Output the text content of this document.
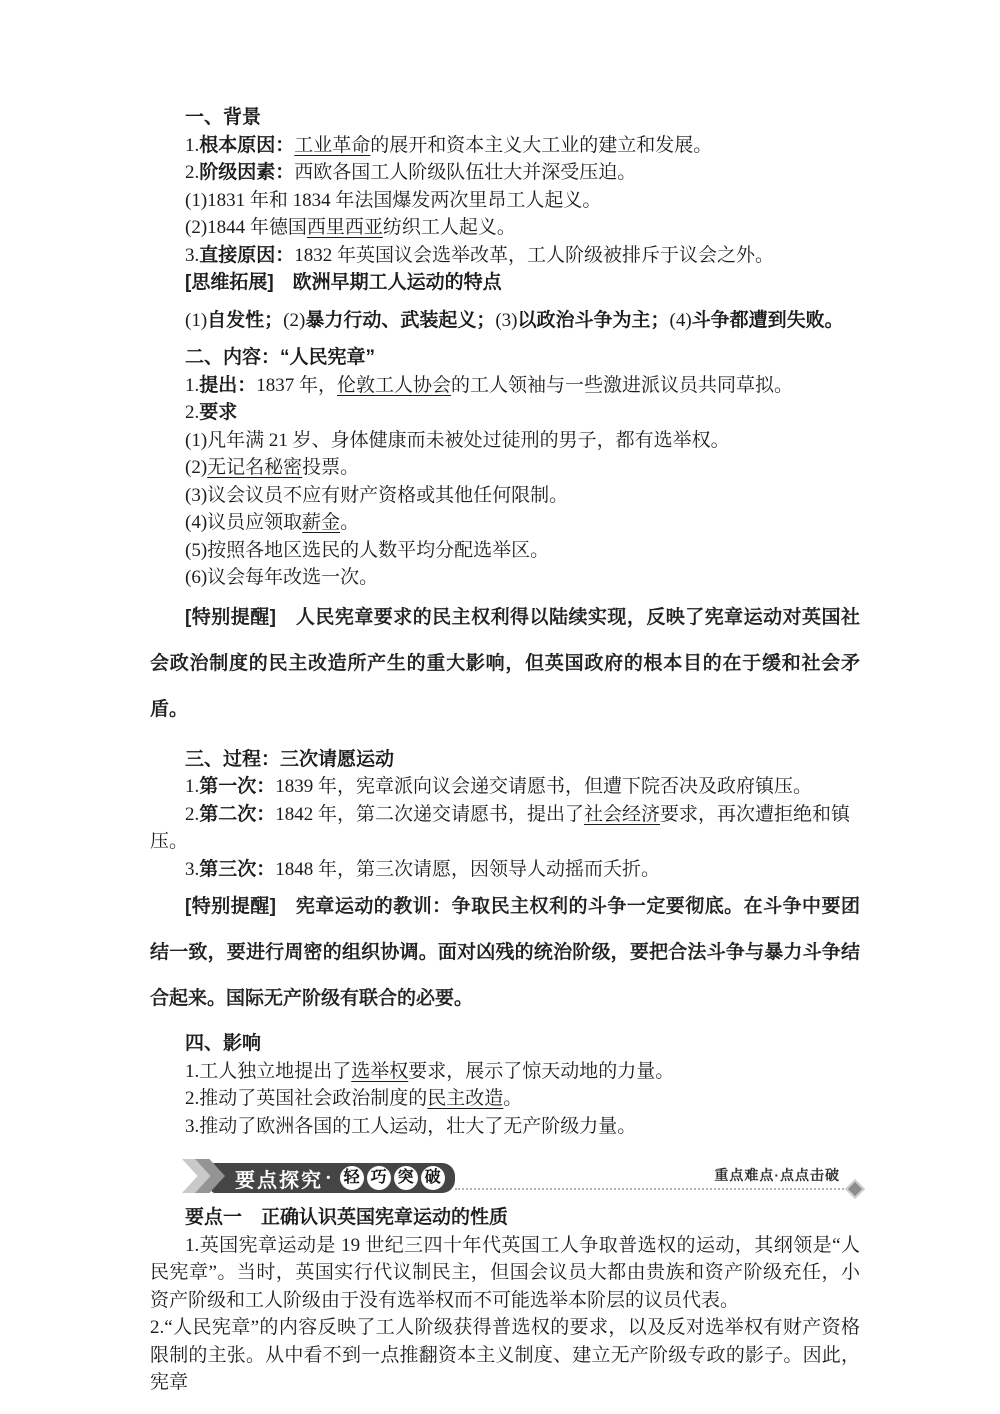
一、背景
1.根本原因：工业革命的展开和资本主义大工业的建立和发展。
2.阶级因素：西欧各国工人阶级队伍壮大并深受压迫。
(1)1831 年和 1834 年法国爆发两次里昂工人起义。
(2)1844 年德国西里西亚纺织工人起义。
3.直接原因：1832 年英国议会选举改革，工人阶级被排斥于议会之外。
[思维拓展]　欧洲早期工人运动的特点
(1)自发性；(2)暴力行动、武装起义；(3)以政治斗争为主；(4)斗争都遭到失败。
二、内容：“人民宪章”
1.提出：1837 年，伦敦工人协会的工人领袖与一些激进派议员共同草拟。
2.要求
(1)凡年满 21 岁、身体健康而未被处过徒刑的男子，都有选举权。
(2)无记名秘密投票。
(3)议会议员不应有财产资格或其他任何限制。
(4)议员应领取薪金。
(5)按照各地区选民的人数平均分配选举区。
(6)议会每年改选一次。
[特别提醒]　人民宪章要求的民主权利得以陆续实现，反映了宪章运动对英国社会政治制度的民主改造所产生的重大影响，但英国政府的根本目的在于缓和社会矛盾。
三、过程：三次请愿运动
1.第一次：1839 年，宪章派向议会递交请愿书，但遭下院否决及政府镇压。
2.第二次：1842 年，第二次递交请愿书，提出了社会经济要求，再次遭拒绝和镇压。
3.第三次：1848 年，第三次请愿，因领导人动摇而夭折。
[特别提醒]　宪章运动的教训：争取民主权利的斗争一定要彻底。在斗争中要团结一致，要进行周密的组织协调。面对凶残的统治阶级，要把合法斗争与暴力斗争结合起来。国际无产阶级有联合的必要。
四、影响
1.工人独立地提出了选举权要求，展示了惊天动地的力量。
2.推动了英国社会政治制度的民主改造。
3.推动了欧洲各国的工人运动，壮大了无产阶级力量。
要点探究 · 轻 巧 突 破	重点难点·点点击破
要点一　正确认识英国宪章运动的性质
1.英国宪章运动是 19 世纪三四十年代英国工人争取普选权的运动，其纲领是“人民宪章”。当时，英国实行代议制民主，但国会议员大都由贵族和资产阶级充任，小资产阶级和工人阶级由于没有选举权而不可能选举本阶层的议员代表。
2.“人民宪章”的内容反映了工人阶级获得普选权的要求，以及反对选举权有财产资格限制的主张。从中看不到一点推翻资本主义制度、建立无产阶级专政的影子。因此，宪章
